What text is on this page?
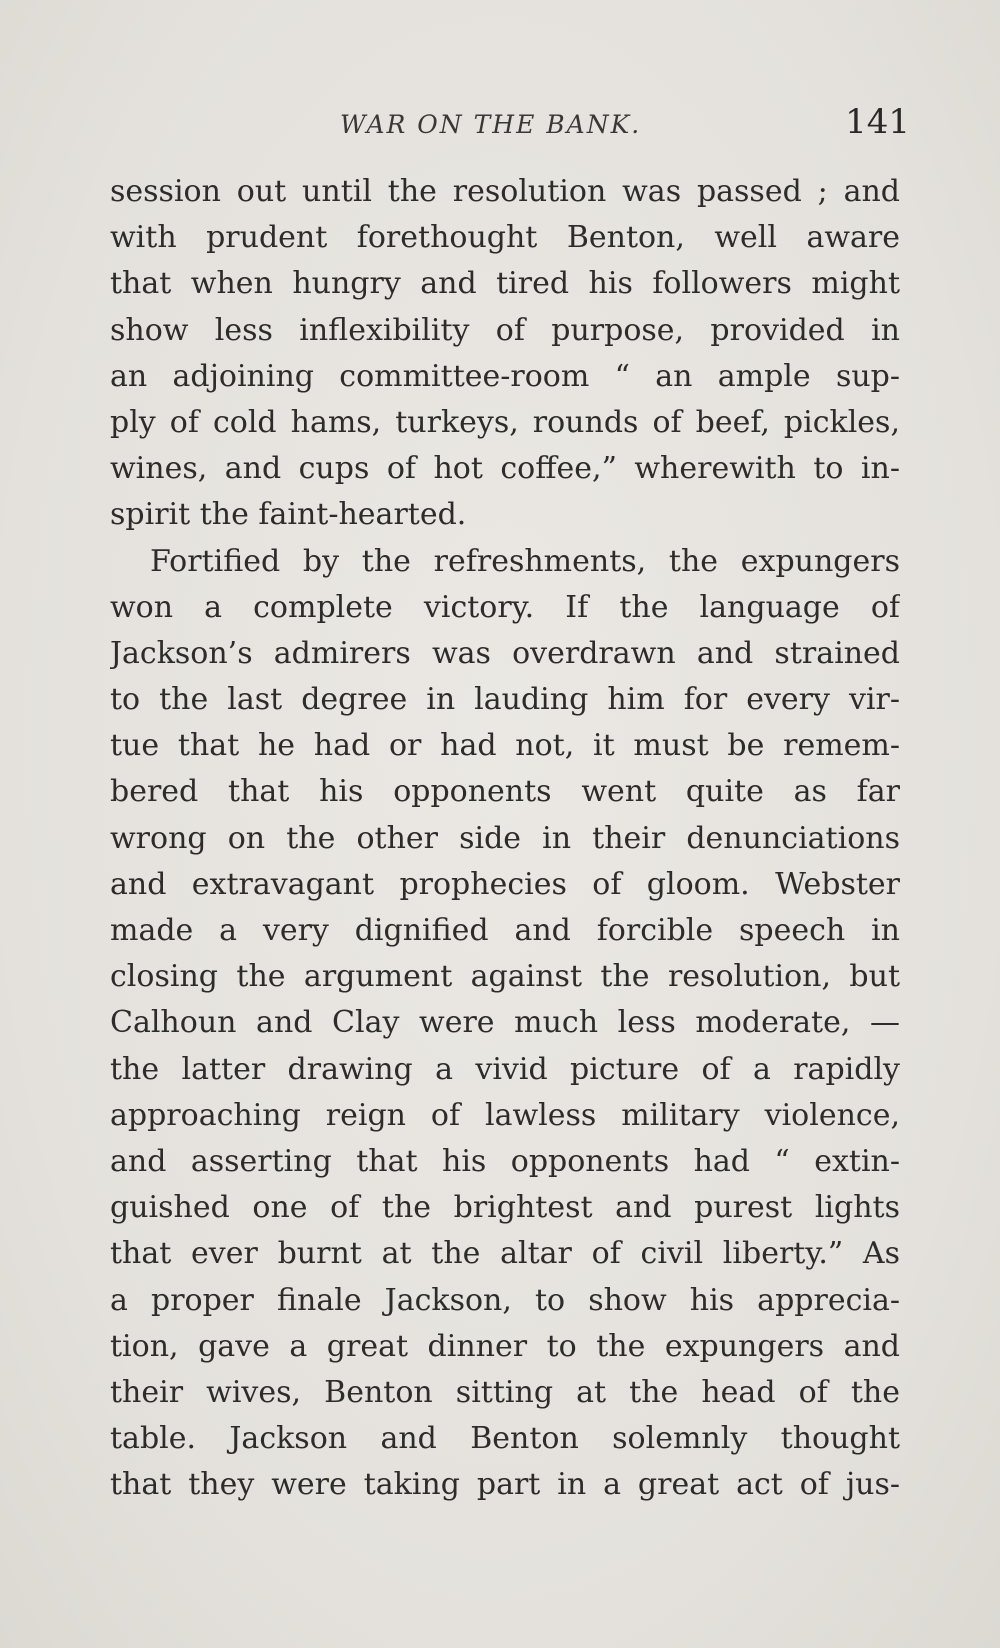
WAR ON THE BANK.	141
session out until the resolution was passed ; and
with prudent forethought Benton, well aware
that when hungry and tired his followers might
show less inflexibility of purpose, provided in
an adjoining committee-room “ an ample sup-
ply of cold hams, turkeys, rounds of beef, pickles,
wines, and cups of hot coffee,” wherewith to in-
spirit the faint-hearted.
Fortified by the refreshments, the expungers
won a complete victory. If the language of
Jackson’s admirers was overdrawn and strained
to the last degree in lauding him for every vir-
tue that he had or had not, it must be remem-
bered that his opponents went quite as far
wrong on the other side in their denunciations
and extravagant prophecies of gloom. Webster
made a very dignified and forcible speech in
closing the argument against the resolution, but
Calhoun and Clay were much less moderate, —
the latter drawing a vivid picture of a rapidly
approaching reign of lawless military violence,
and asserting that his opponents had “ extin-
guished one of the brightest and purest lights
that ever burnt at the altar of civil liberty.” As
a proper finale Jackson, to show his apprecia-
tion, gave a great dinner to the expungers and
their wives, Benton sitting at the head of the
table. Jackson and Benton solemnly thought
that they were taking part in a great act of jus-
